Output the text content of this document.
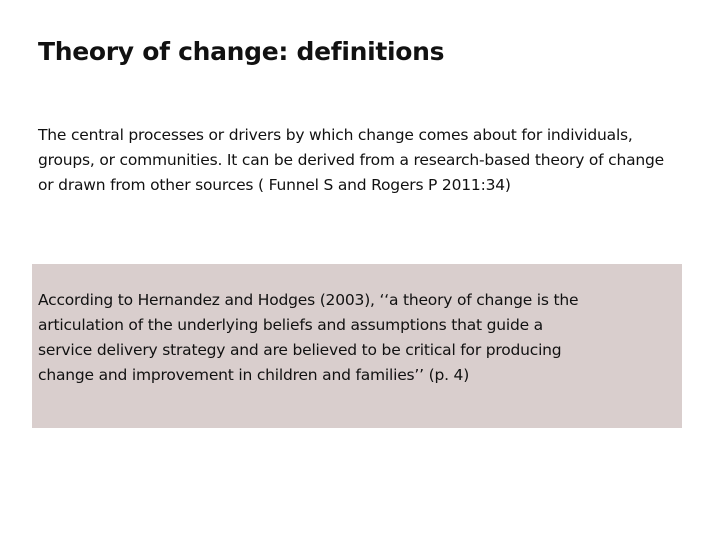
Theory of change: definitions

The central processes or drivers by which change comes about for individuals, groups, or communities. It can be derived from a research-based theory of change or drawn from other sources ( Funnel S and Rogers P 2011:34)

According to Hernandez and Hodges (2003), ‘‘a theory of change is the articulation of the underlying beliefs and assumptions that guide a service delivery strategy and are believed to be critical for producing change and improvement in children and families’’ (p. 4)
